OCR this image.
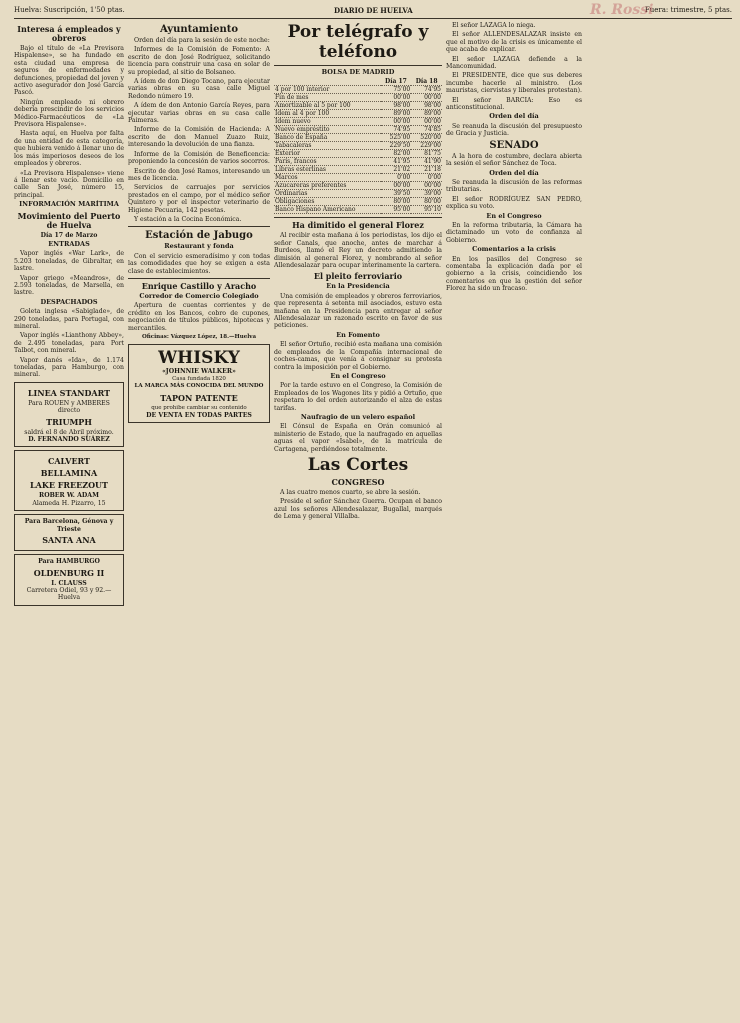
Huelva: Suscripción, 1'50 ptas.	DIARIO DE HUELVA	Fuera: trimestre, 5 ptas.
R. Rossi
Interesa á empleados y obreros

Bajo el título de «La Previsora Hispalense», se ha fundado en esta ciudad una empresa de seguros de enfermedades y defunciones, propiedad del joven y activo asegurador don José García Pascó.

Ningún empleado ni obrero debería prescindir de los servicios Médico-Farmacéuticos de «La Previsora Hispalense».

Hasta aquí, en Huelva por falta de una entidad de esta categoría, que hubiera venido á llenar uno de los más imperiosos deseos de los empleados y obreros.

«La Previsora Hispalense» viene á llenar este vacío. Domicilio en calle San José, número 15, principal.

INFORMACIÓN MARÍTIMA
Movimiento del Puerto de Huelva
Día 17 de Marzo
ENTRADAS

Vapor inglés «War Lark», de 5.203 toneladas, de Gibraltar, en lastre.

Vapor griego «Meandros», de 2.593 toneladas, de Marsella, en lastre.

DESPACHADOS

Goleta inglesa «Sabiglade», de 290 toneladas, para Portugal, con mineral.

Vapor inglés «Lianthony Abbey», de 2.495 toneladas, para Port Talbot, con mineral.

Vapor danés «Ida», de 1.174 toneladas, para Hamburgo, con mineral.

LINEA STANDART
Para ROUEN y AMBERES directo
TRIUMPH
saldrá el 8 de Abril próximo.
D. FERNANDO SUÁREZ
CALVERT
BELLAMINA
LAKE FREEZOUT
ROBER W. ADAM
Alameda H. Pizarro, 15
Para Barcelona, Génova y Trieste
SANTA ANA
Para HAMBURGO
OLDENBURG II
I. CLAUSS
Carretera Odiel, 93 y 92.—Huelva
Ayuntamiento

Orden del día para la sesión de este noche:

Informes de la Comisión de Fomento: A escrito de don José Rodríguez, solicitando licencia para construir una casa en solar de su propiedad, al sitio de Bolsaneo.

A ídem de don Diego Tocano, para ejecutar varias obras en su casa calle Miguel Redondo número 19.

A ídem de don Antonio García Reyes, para ejecutar varias obras en su casa calle Paimeras.

Informe de la Comisión de Hacienda: A escrito de don Manuel Zuazo Ruiz, interesando la devolución de una fianza.

Informe de la Comisión de Beneficencia: proponiendo la concesión de varios socorros.

Escrito de don José Ramos, interesando un mes de licencia.

Servicios de carruajes por servicios prestados en el campo, por el médico señor Quintero y por el inspector veterinario de Higiene Pecuaria, 142 pesetas.

Y estación a la Cocina Económica.

Estación de Jabugo
Restaurant y fonda

Con el servicio esmeradísimo y con todas las comodidades que hoy se exigen a esta clase de establecimientos.

Enrique Castillo y Aracho
Corredor de Comercio Colegiado

Apertura de cuentas corrientes y de crédito en los Bancos, cobro de cupones, negociación de títulos públicos, hipotecas y mercantiles.

Oficinas: Vázquez López, 18.—Huelva
WHISKY
«JOHNNIE WALKER»
Casa fundada 1820
LA MARCA MÁS CONOCIDA DEL MUNDO
TAPON PATENTE
que prohibe cambiar su contenido
DE VENTA EN TODAS PARTES
Por telégrafo y teléfono
BOLSA DE MADRID
	Día 17	Día 18
4 por 100 interior	75'00	74'95
Fin de mes	00'00	00'00
Amortizable al 5 por 100	98'00	98'00
Ídem al 4 por 100	89'00	89'00
Ídem nuevo	00'00	00'00
Nuevo empréstito	74'95	74'85
Banco de España	525'00	520'00
Tabacaleras	229'50	229'00
Exterior	82'00	81'75
París, francos	41'95	41'90
Libras esterlinas	21'02	21'18
Marcos	0'00	0'00
Azucareras preferentes	00'00	00'00
Ordinarias	39'50	39'00
Obligaciones	80'00	80'00
Banco Hispano Americano	95'00	95'10
Ha dimitido el general Florez

Al recibir esta mañana á los periodistas, los dijo el señor Canals, que anoche, antes de marchar á Burdeos, llamó el Rey un decreto admitiendo la dimisión al general Florez, y nombrando al señor Allendesalazar para ocupar interinamente la cartera.

El pleito ferroviario
En la Presidencia

Una comisión de empleados y obreros ferroviarios, que representa á setenta mil asociados, estuvo esta mañana en la Presidencia para entregar al señor Allendesalazar un razonado escrito en favor de sus peticiones.

En Fomento

El señor Ortuño, recibió esta mañana una comisión de empleados de la Compañía internacional de coches-camas, que venía á consignar su protesta contra la imposición por el Gobierno.

En el Congreso

Por la tarde estuvo en el Congreso, la Comisión de Empleados de los Wagones lits y pidió a Ortuño, que respetara lo del orden autorizando el alza de estas tarifas.

Naufragio de un velero español

El Cónsul de España en Orán comunicó al ministerio de Estado, que la naufragado en aquellas aguas el vapor «Isabel», de la matrícula de Cartagena, perdiéndose totalmente.

Las Cortes
CONGRESO

A las cuatro menos cuarto, se abre la sesión.

Preside el señor Sánchez Guerra. Ocupan el banco azul los señores Allendesalazar, Bugallal, marqués de Lema y general Villalba.

El señor LAZAGA lo niega.

El señor ALLENDESALAZAR insiste en que el motivo de la crisis es únicamente el que acaba de explicar.

El señor LAZAGA defiende a la Mancomunidad.

El PRESIDENTE, dice que sus deberes incumbe hacerle al ministro. (Los mauristas, ciervistas y liberales protestan).

El señor BARCIA: Eso es anticonstitucional.

Orden del día

Se reanuda la discusión del presupuesto de Gracia y Justicia.

SENADO

A la hora de costumbre, declara abierta la sesión el señor Sánchez de Toca.

Orden del día

Se reanuda la discusión de las reformas tributarias.

El señor RODRÍGUEZ SAN PEDRO, explica su voto.

En el Congreso

En la reforma tributaria, la Cámara ha dictaminado un voto de confianza al Gobierno.

Comentarios a la crisis

En los pasillos del Congreso se comentaba la explicación dada por el gobierno a la crisis, coincidiendo los comentarios en que la gestión del señor Florez ha sido un fracaso.
